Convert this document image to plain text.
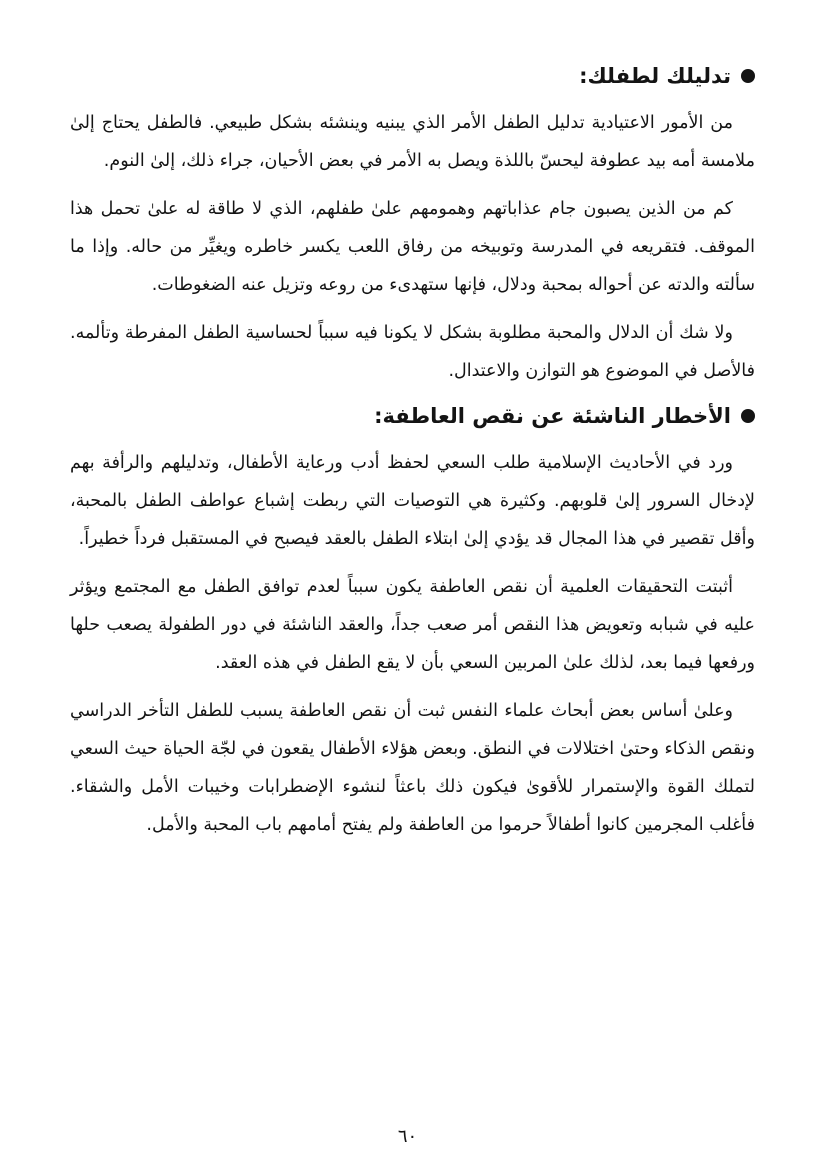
تدليلك لطفلك:

من الأمور الاعتيادية تدليل الطفل الأمر الذي يبنيه وينشئه بشكل طبيعي. فالطفل يحتاج إلىٰ ملامسة أمه بيد عطوفة ليحسّ باللذة ويصل به الأمر في بعض الأحيان، جراء ذلك، إلىٰ النوم.

كم من الذين يصبون جام عذاباتهم وهمومهم علىٰ طفلهم، الذي لا طاقة له علىٰ تحمل هذا الموقف. فتقريعه في المدرسة وتوبيخه من رفاق اللعب يكسر خاطره ويغيِّر من حاله. وإذا ما سألته والدته عن أحواله بمحبة ودلال، فإنها ستهدىء من روعه وتزيل عنه الضغوطات.

ولا شك أن الدلال والمحبة مطلوبة بشكل لا يكونا فيه سبباً لحساسية الطفل المفرطة وتألمه. فالأصل في الموضوع هو التوازن والاعتدال.

الأخطار الناشئة عن نقص العاطفة:

ورد في الأحاديث الإسلامية طلب السعي لحفظ أدب ورعاية الأطفال، وتدليلهم والرأفة بهم لإدخال السرور إلىٰ قلوبهم. وكثيرة هي التوصيات التي ربطت إشباع عواطف الطفل بالمحبة، وأقل تقصير في هذا المجال قد يؤدي إلىٰ ابتلاء الطفل بالعقد فيصبح في المستقبل فرداً خطيراً.

أثبتت التحقيقات العلمية أن نقص العاطفة يكون سبباً لعدم توافق الطفل مع المجتمع ويؤثر عليه في شبابه وتعويض هذا النقص أمر صعب جداً، والعقد الناشئة في دور الطفولة يصعب حلها ورفعها فيما بعد، لذلك علىٰ المربين السعي بأن لا يقع الطفل في هذه العقد.

وعلىٰ أساس بعض أبحاث علماء النفس ثبت أن نقص العاطفة يسبب للطفل التأخر الدراسي ونقص الذكاء وحتىٰ اختلالات في النطق. وبعض هؤلاء الأطفال يقعون في لجّة الحياة حيث السعي لتملك القوة والإستمرار للأقوىٰ فيكون ذلك باعثاً لنشوء الإضطرابات وخيبات الأمل والشقاء. فأغلب المجرمين كانوا أطفالاً حرموا من العاطفة ولم يفتح أمامهم باب المحبة والأمل.

٦٠
